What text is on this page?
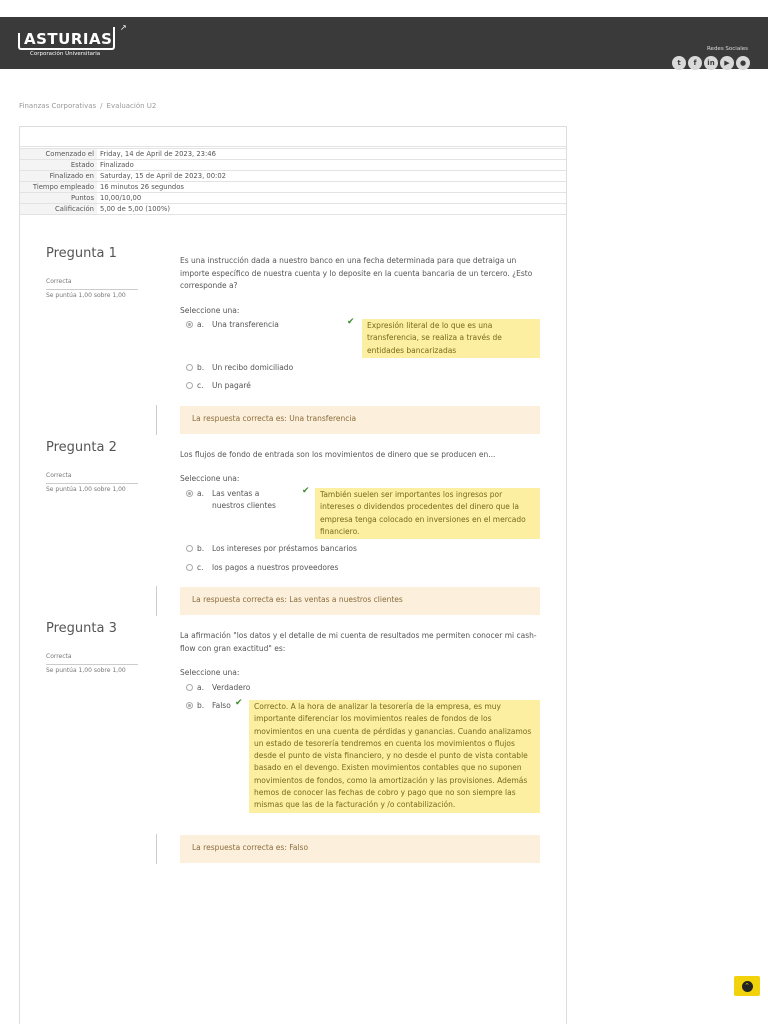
ASTURIAS
↗
Corporación Universitaria
Redes Sociales
t	f	in	▶	●
Finanzas Corporativas / Evaluación U2
Comenzado el	Friday, 14 de April de 2023, 23:46
Estado	Finalizado
Finalizado en	Saturday, 15 de April de 2023, 00:02
Tiempo empleado	16 minutos 26 segundos
Puntos	10,00/10,00
Calificación	5,00 de 5,00 (100%)
Pregunta 1
Correcta
Se puntúa 1,00 sobre 1,00
Es una instrucción dada a nuestro banco en una fecha determinada para que detraiga un importe específico de nuestra cuenta y lo deposite en la cuenta bancaria de un tercero. ¿Esto corresponde a?
Seleccione una:
a.	Una transferencia	✔	Expresión literal de lo que es una transferencia, se realiza a través de entidades bancarizadas
b.	Un recibo domiciliado
c.	Un pagaré
La respuesta correcta es: Una transferencia
Pregunta 2
Correcta
Se puntúa 1,00 sobre 1,00
Los flujos de fondo de entrada son los movimientos de dinero que se producen en...
Seleccione una:
a.	Las ventas a nuestros clientes
✔	También suelen ser importantes los ingresos por intereses o dividendos procedentes del dinero que la empresa tenga colocado en inversiones en el mercado financiero.
b.	Los intereses por préstamos bancarios
c.	los pagos a nuestros proveedores
La respuesta correcta es: Las ventas a nuestros clientes
Pregunta 3
Correcta
Se puntúa 1,00 sobre 1,00
La afirmación "los datos y el detalle de mi cuenta de resultados me permiten conocer mi cash-flow con gran exactitud" es:
Seleccione una:
a.	Verdadero
b.	Falso ✔	Correcto. A la hora de analizar la tesorería de la empresa, es muy importante diferenciar los movimientos reales de fondos de los movimientos en una cuenta de pérdidas y ganancias. Cuando analizamos un estado de tesorería tendremos en cuenta los movimientos o flujos desde el punto de vista financiero, y no desde el punto de vista contable basado en el devengo. Existen movimientos contables que no suponen movimientos de fondos, como la amortización y las provisiones. Además hemos de conocer las fechas de cobro y pago que no son siempre las mismas que las de la facturación y /o contabilización.
La respuesta correcta es: Falso
⌃
